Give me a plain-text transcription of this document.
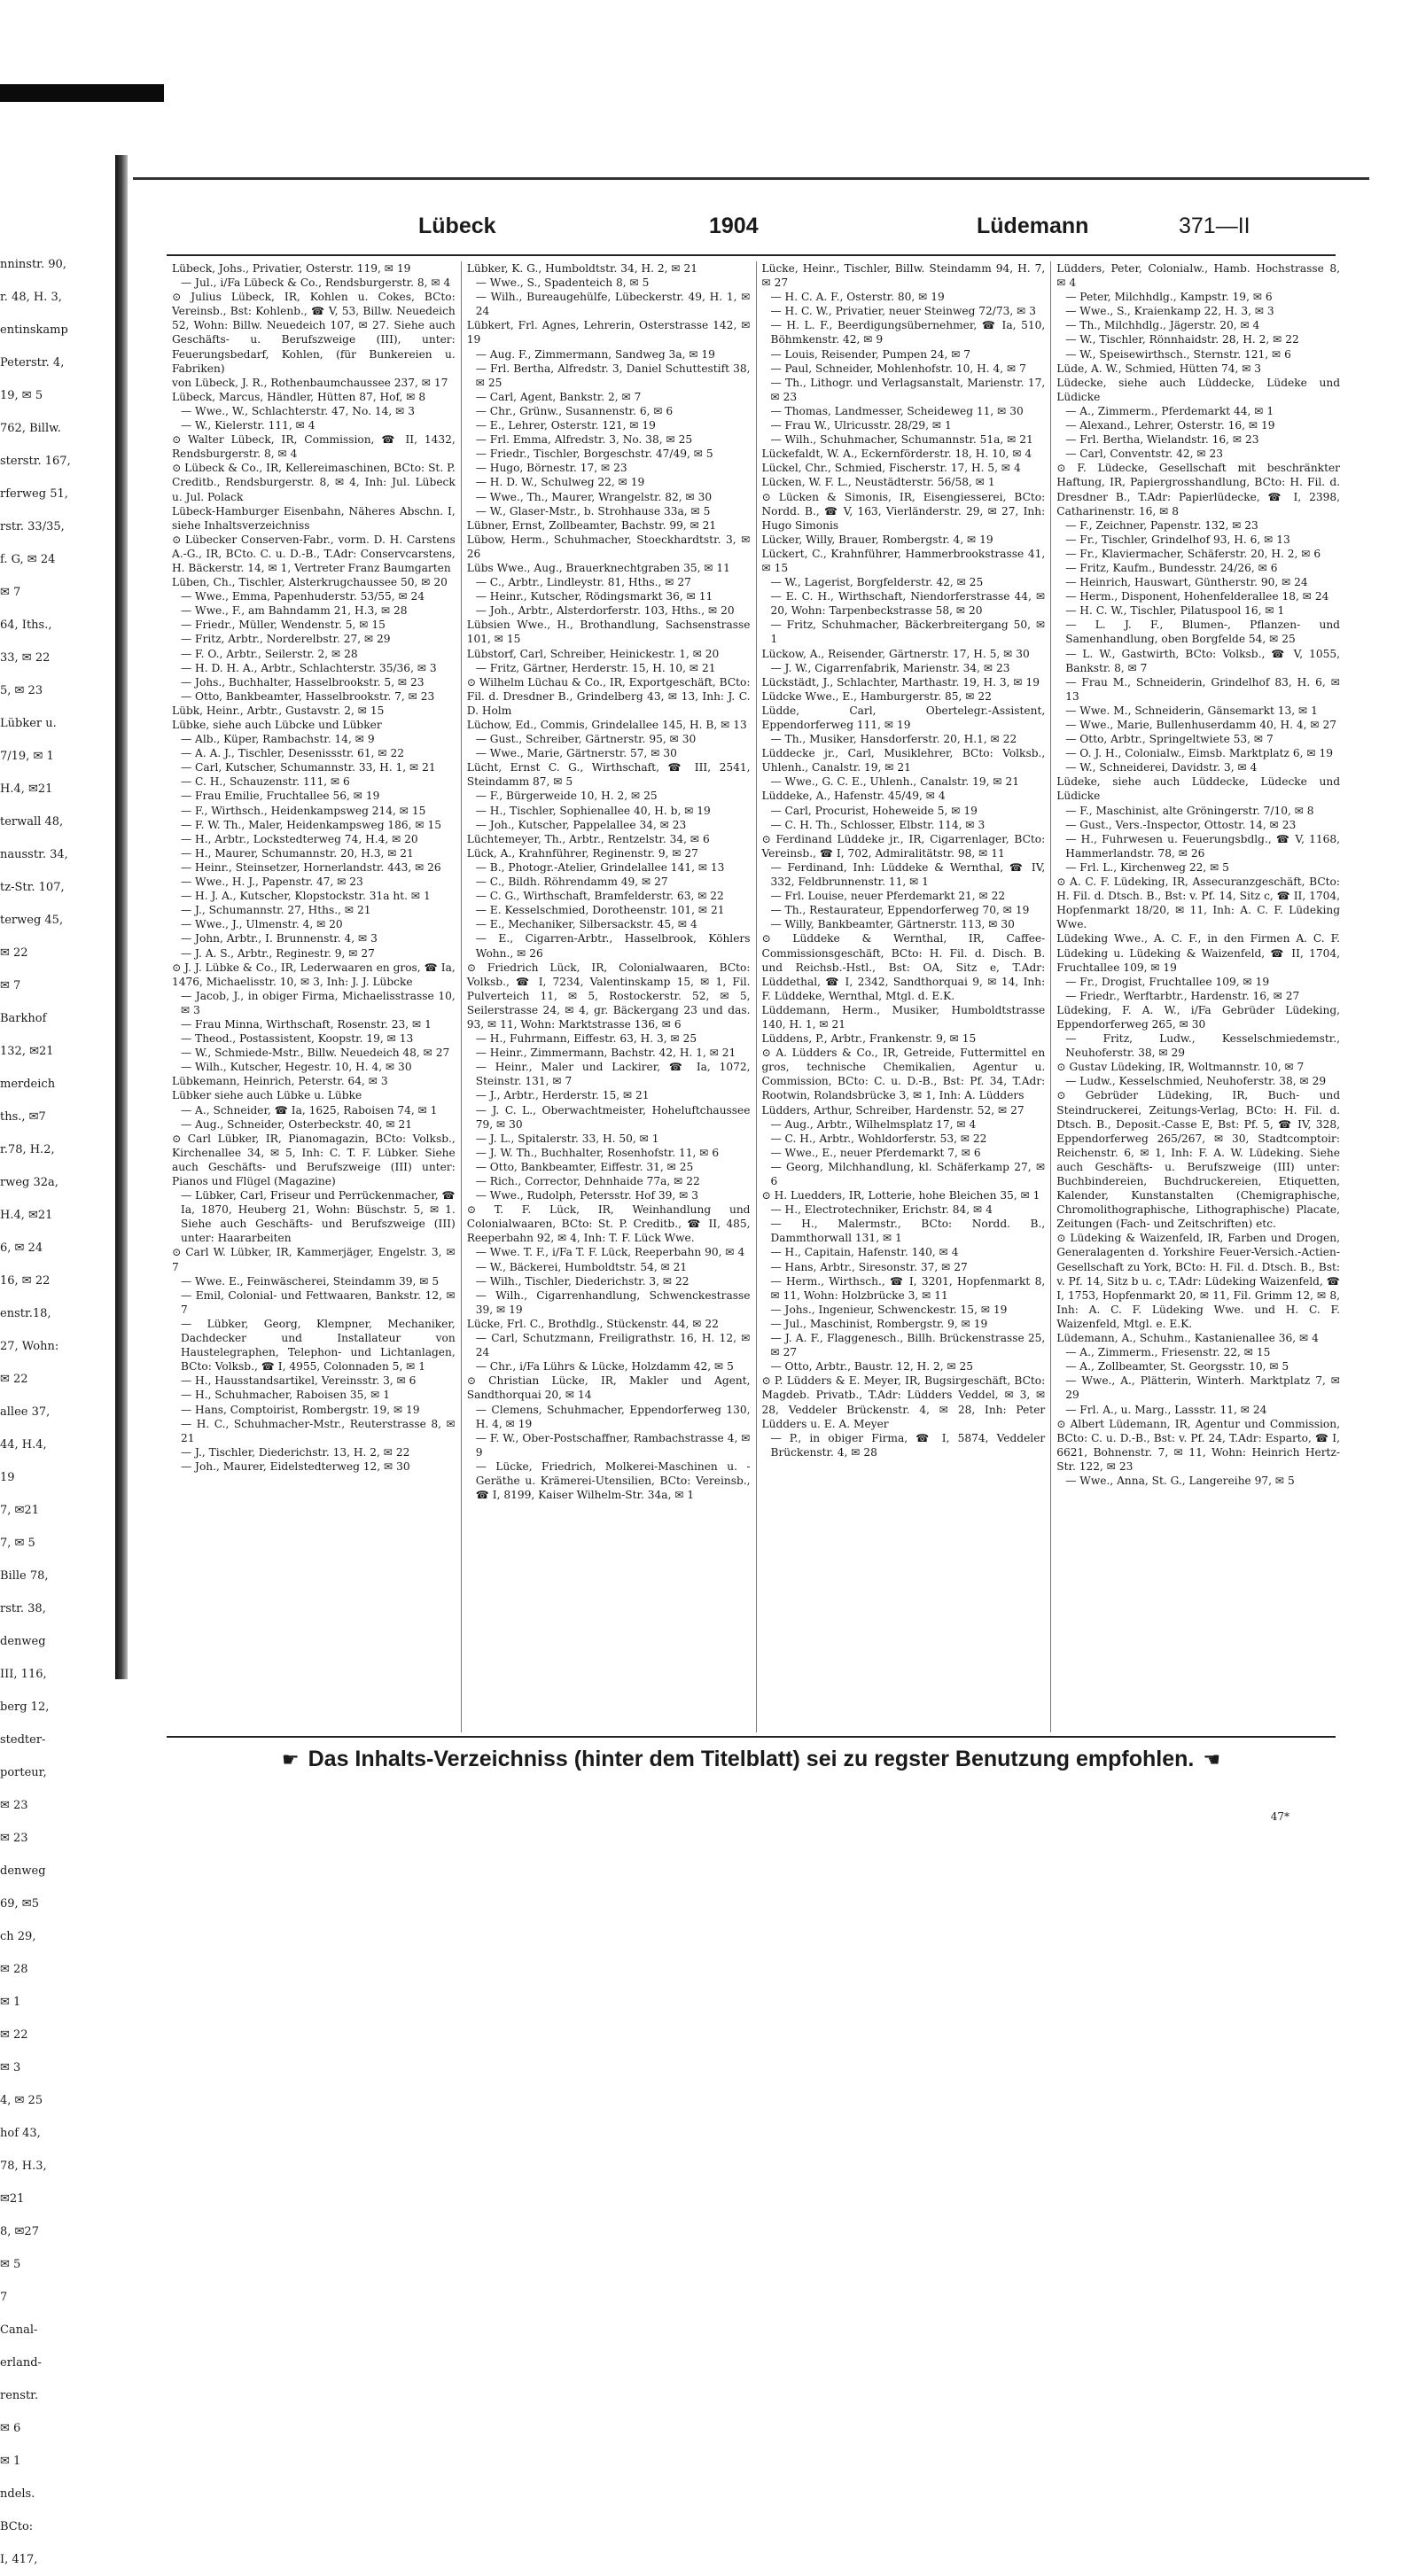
nninstr. 90,
r. 48, H. 3,
entinskamp
Peterstr. 4,
19, ✉ 5
762, Billw.
sterstr. 167,
rferweg 51,
rstr. 33/35,
f. G, ✉ 24
✉ 7
64, Iths.,
33, ✉ 22
5, ✉ 23
Lübker u.
7/19, ✉ 1
H.4, ✉21
terwall 48,
nausstr. 34,
tz-Str. 107,
terweg 45,
✉ 22
✉ 7
Barkhof
132, ✉21
merdeich
ths., ✉7
r.78, H.2,
rweg 32a,
H.4, ✉21
6, ✉ 24
16, ✉ 22
enstr.18,
27, Wohn:
✉ 22
allee 37,
44, H.4,
19
7, ✉21
7, ✉ 5
Bille 78,
rstr. 38,
denweg
III, 116,
berg 12,
stedter-
porteur,
✉ 23
✉ 23
denweg
69, ✉5
ch 29,
✉ 28
✉ 1
✉ 22
✉ 3
4, ✉ 25
hof 43,
78, H.3,
✉21
8, ✉27
✉ 5
7
Canal-
erland-
renstr.
✉ 6
✉ 1
ndels.
BCto:
I, 417,
Lübeck	1904	Lüdemann	371—II

Lübeck, Johs., Privatier, Osterstr. 119, ✉ 19

— Jul., i/Fa Lübeck & Co., Rendsburgerstr. 8, ✉ 4

⊙ Julius Lübeck, IR, Kohlen u. Cokes, BCto: Vereinsb., Bst: Kohlenb., ☎ V, 53, Billw. Neuedeich 52, Wohn: Billw. Neuedeich 107, ✉ 27. Siehe auch Geschäfts- u. Berufszweige (III), unter: Feuerungsbedarf, Kohlen, (für Bunkereien u. Fabriken)

von Lübeck, J. R., Rothenbaumchaussee 237, ✉ 17

Lübeck, Marcus, Händler, Hütten 87, Hof, ✉ 8

— Wwe., W., Schlachterstr. 47, No. 14, ✉ 3

— W., Kielerstr. 111, ✉ 4

⊙ Walter Lübeck, IR, Commission, ☎ II, 1432, Rendsburgerstr. 8, ✉ 4

⊙ Lübeck & Co., IR, Kellereimaschinen, BCto: St. P. Creditb., Rendsburgerstr. 8, ✉ 4, Inh: Jul. Lübeck u. Jul. Polack

Lübeck-Hamburger Eisenbahn, Näheres Abschn. I, siehe Inhaltsverzeichniss

⊙ Lübecker Conserven-Fabr., vorm. D. H. Carstens A.-G., IR, BCto. C. u. D.-B., T.Adr: Conservcarstens, H. Bäckerstr. 14, ✉ 1, Vertreter Franz Baumgarten

Lüben, Ch., Tischler, Alsterkrugchaussee 50, ✉ 20

— Wwe., Emma, Papenhuderstr. 53/55, ✉ 24

— Wwe., F., am Bahndamm 21, H.3, ✉ 28

— Friedr., Müller, Wendenstr. 5, ✉ 15

— Fritz, Arbtr., Norderelbstr. 27, ✉ 29

— F. O., Arbtr., Seilerstr. 2, ✉ 28

— H. D. H. A., Arbtr., Schlachterstr. 35/36, ✉ 3

— Johs., Buchhalter, Hasselbrookstr. 5, ✉ 23

— Otto, Bankbeamter, Hasselbrookstr. 7, ✉ 23

Lübk, Heinr., Arbtr., Gustavstr. 2, ✉ 15

Lübke, siehe auch Lübcke und Lübker

— Alb., Küper, Rambachstr. 14, ✉ 9

— A. A. J., Tischler, Desenissstr. 61, ✉ 22

— Carl, Kutscher, Schumannstr. 33, H. 1, ✉ 21

— C. H., Schauzenstr. 111, ✉ 6

— Frau Emilie, Fruchtallee 56, ✉ 19

— F., Wirthsch., Heidenkampsweg 214, ✉ 15

— F. W. Th., Maler, Heidenkampsweg 186, ✉ 15

— H., Arbtr., Lockstedterweg 74, H.4, ✉ 20

— H., Maurer, Schumannstr. 20, H.3, ✉ 21

— Heinr., Steinsetzer, Hornerlandstr. 443, ✉ 26

— Wwe., H. J., Papenstr. 47, ✉ 23

— H. J. A., Kutscher, Klopstockstr. 31a ht. ✉ 1

— J., Schumannstr. 27, Hths., ✉ 21

— Wwe., J., Ulmenstr. 4, ✉ 20

— John, Arbtr., I. Brunnenstr. 4, ✉ 3

— J. A. S., Arbtr., Reginestr. 9, ✉ 27

⊙ J. J. Lübke & Co., IR, Lederwaaren en gros, ☎ Ia, 1476, Michaelisstr. 10, ✉ 3, Inh: J. J. Lübcke

— Jacob, J., in obiger Firma, Michaelisstrasse 10, ✉ 3

— Frau Minna, Wirthschaft, Rosenstr. 23, ✉ 1

— Theod., Postassistent, Koopstr. 19, ✉ 13

— W., Schmiede-Mstr., Billw. Neuedeich 48, ✉ 27

— Wilh., Kutscher, Hegestr. 10, H. 4, ✉ 30

Lübkemann, Heinrich, Peterstr. 64, ✉ 3

Lübker siehe auch Lübke u. Lübke

— A., Schneider, ☎ Ia, 1625, Raboisen 74, ✉ 1

— Aug., Schneider, Osterbeckstr. 40, ✉ 21

⊙ Carl Lübker, IR, Pianomagazin, BCto: Volksb., Kirchenallee 34, ✉ 5, Inh: C. T. F. Lübker. Siehe auch Geschäfts- und Berufszweige (III) unter: Pianos und Flügel (Magazine)

— Lübker, Carl, Friseur und Perrückenmacher, ☎ Ia, 1870, Heuberg 21, Wohn: Büschstr. 5, ✉ 1. Siehe auch Geschäfts- und Berufszweige (III) unter: Haararbeiten

⊙ Carl W. Lübker, IR, Kammerjäger, Engelstr. 3, ✉ 7

— Wwe. E., Feinwäscherei, Steindamm 39, ✉ 5

— Emil, Colonial- und Fettwaaren, Bankstr. 12, ✉ 7

— Lübker, Georg, Klempner, Mechaniker, Dachdecker und Installateur von Haustelegraphen, Telephon- und Lichtanlagen, BCto: Volksb., ☎ I, 4955, Colonnaden 5, ✉ 1

— H., Hausstandsartikel, Vereinsstr. 3, ✉ 6

— H., Schuhmacher, Raboisen 35, ✉ 1

— Hans, Comptoirist, Rombergstr. 19, ✉ 19

— H. C., Schuhmacher-Mstr., Reuterstrasse 8, ✉ 21

— J., Tischler, Diederichstr. 13, H. 2, ✉ 22

— Joh., Maurer, Eidelstedterweg 12, ✉ 30

Lübker, K. G., Humboldtstr. 34, H. 2, ✉ 21

— Wwe., S., Spadenteich 8, ✉ 5

— Wilh., Bureaugehülfe, Lübeckerstr. 49, H. 1, ✉ 24

Lübkert, Frl. Agnes, Lehrerin, Osterstrasse 142, ✉ 19

— Aug. F., Zimmermann, Sandweg 3a, ✉ 19

— Frl. Bertha, Alfredstr. 3, Daniel Schuttestift 38, ✉ 25

— Carl, Agent, Bankstr. 2, ✉ 7

— Chr., Grünw., Susannenstr. 6, ✉ 6

— E., Lehrer, Osterstr. 121, ✉ 19

— Frl. Emma, Alfredstr. 3, No. 38, ✉ 25

— Friedr., Tischler, Borgeschstr. 47/49, ✉ 5

— Hugo, Börnestr. 17, ✉ 23

— H. D. W., Schulweg 22, ✉ 19

— Wwe., Th., Maurer, Wrangelstr. 82, ✉ 30

— W., Glaser-Mstr., b. Strohhause 33a, ✉ 5

Lübner, Ernst, Zollbeamter, Bachstr. 99, ✉ 21

Lübow, Herm., Schuhmacher, Stoeckhardtstr. 3, ✉ 26

Lübs Wwe., Aug., Brauerknechtgraben 35, ✉ 11

— C., Arbtr., Lindleystr. 81, Hths., ✉ 27

— Heinr., Kutscher, Rödingsmarkt 36, ✉ 11

— Joh., Arbtr., Alsterdorferstr. 103, Hths., ✉ 20

Lübsien Wwe., H., Brothandlung, Sachsenstrasse 101, ✉ 15

Lübstorf, Carl, Schreiber, Heinickestr. 1, ✉ 20

— Fritz, Gärtner, Herderstr. 15, H. 10, ✉ 21

⊙ Wilhelm Lüchau & Co., IR, Exportgeschäft, BCto: Fil. d. Dresdner B., Grindelberg 43, ✉ 13, Inh: J. C. D. Holm

Lüchow, Ed., Commis, Grindelallee 145, H. B, ✉ 13

— Gust., Schreiber, Gärtnerstr. 95, ✉ 30

— Wwe., Marie, Gärtnerstr. 57, ✉ 30

Lücht, Ernst C. G., Wirthschaft, ☎ III, 2541, Steindamm 87, ✉ 5

— F., Bürgerweide 10, H. 2, ✉ 25

— H., Tischler, Sophienallee 40, H. b, ✉ 19

— Joh., Kutscher, Pappelallee 34, ✉ 23

Lüchtemeyer, Th., Arbtr., Rentzelstr. 34, ✉ 6

Lück, A., Krahnführer, Reginenstr. 9, ✉ 27

— B., Photogr.-Atelier, Grindelallee 141, ✉ 13

— C., Bildh. Röhrendamm 49, ✉ 27

— C. G., Wirthschaft, Bramfelderstr. 63, ✉ 22

— E. Kesselschmied, Dorotheenstr. 101, ✉ 21

— E., Mechaniker, Silbersackstr. 45, ✉ 4

— E., Cigarren-Arbtr., Hasselbrook, Köhlers Wohn., ✉ 26

⊙ Friedrich Lück, IR, Colonialwaaren, BCto: Volksb., ☎ I, 7234, Valentinskamp 15, ✉ 1, Fil. Pulverteich 11, ✉ 5, Rostockerstr. 52, ✉ 5, Seilerstrasse 24, ✉ 4, gr. Bäckergang 23 und das. 93, ✉ 11, Wohn: Marktstrasse 136, ✉ 6

— H., Fuhrmann, Eiffestr. 63, H. 3, ✉ 25

— Heinr., Zimmermann, Bachstr. 42, H. 1, ✉ 21

— Heinr., Maler und Lackirer, ☎ Ia, 1072, Steinstr. 131, ✉ 7

— J., Arbtr., Herderstr. 15, ✉ 21

— J. C. L., Oberwachtmeister, Hoheluftchaussee 79, ✉ 30

— J. L., Spitalerstr. 33, H. 50, ✉ 1

— J. W. Th., Buchhalter, Rosenhofstr. 11, ✉ 6

— Otto, Bankbeamter, Eiffestr. 31, ✉ 25

— Rich., Corrector, Dehnhaide 77a, ✉ 22

— Wwe., Rudolph, Petersstr. Hof 39, ✉ 3

⊙ T. F. Lück, IR, Weinhandlung und Colonialwaaren, BCto: St. P. Creditb., ☎ II, 485, Reeperbahn 92, ✉ 4, Inh: T. F. Lück Wwe.

— Wwe. T. F., i/Fa T. F. Lück, Reeperbahn 90, ✉ 4

— W., Bäckerei, Humboldtstr. 54, ✉ 21

— Wilh., Tischler, Diederichstr. 3, ✉ 22

— Wilh., Cigarrenhandlung, Schwenckestrasse 39, ✉ 19

Lücke, Frl. C., Brothdlg., Stückenstr. 44, ✉ 22

— Carl, Schutzmann, Freiligrathstr. 16, H. 12, ✉ 24

— Chr., i/Fa Lührs & Lücke, Holzdamm 42, ✉ 5

⊙ Christian Lücke, IR, Makler und Agent, Sandthorquai 20, ✉ 14

— Clemens, Schuhmacher, Eppendorferweg 130, H. 4, ✉ 19

— F. W., Ober-Postschaffner, Rambachstrasse 4, ✉ 9

— Lücke, Friedrich, Molkerei-Maschinen u. -Geräthe u. Krämerei-Utensilien, BCto: Vereinsb., ☎ I, 8199, Kaiser Wilhelm-Str. 34a, ✉ 1

Lücke, Heinr., Tischler, Billw. Steindamm 94, H. 7, ✉ 27

— H. C. A. F., Osterstr. 80, ✉ 19

— H. C. W., Privatier, neuer Steinweg 72/73, ✉ 3

— H. L. F., Beerdigungsübernehmer, ☎ Ia, 510, Böhmkenstr. 42, ✉ 9

— Louis, Reisender, Pumpen 24, ✉ 7

— Paul, Schneider, Mohlenhofstr. 10, H. 4, ✉ 7

— Th., Lithogr. und Verlagsanstalt, Marienstr. 17, ✉ 23

— Thomas, Landmesser, Scheideweg 11, ✉ 30

— Frau W., Ulricusstr. 28/29, ✉ 1

— Wilh., Schuhmacher, Schumannstr. 51a, ✉ 21

Lückefaldt, W. A., Eckernförderstr. 18, H. 10, ✉ 4

Lückel, Chr., Schmied, Fischerstr. 17, H. 5, ✉ 4

Lücken, W. F. L., Neustädterstr. 56/58, ✉ 1

⊙ Lücken & Simonis, IR, Eisengiesserei, BCto: Nordd. B., ☎ V, 163, Vierländerstr. 29, ✉ 27, Inh: Hugo Simonis

Lücker, Willy, Brauer, Rombergstr. 4, ✉ 19

Lückert, C., Krahnführer, Hammerbrookstrasse 41, ✉ 15

— W., Lagerist, Borgfelderstr. 42, ✉ 25

— E. C. H., Wirthschaft, Niendorferstrasse 44, ✉ 20, Wohn: Tarpenbeckstrasse 58, ✉ 20

— Fritz, Schuhmacher, Bäckerbreitergang 50, ✉ 1

Lückow, A., Reisender, Gärtnerstr. 17, H. 5, ✉ 30

— J. W., Cigarrenfabrik, Marienstr. 34, ✉ 23

Lückstädt, J., Schlachter, Marthastr. 19, H. 3, ✉ 19

Lüdcke Wwe., E., Hamburgerstr. 85, ✉ 22

Lüdde, Carl, Obertelegr.-Assistent, Eppendorferweg 111, ✉ 19

— Th., Musiker, Hansdorferstr. 20, H.1, ✉ 22

Lüddecke jr., Carl, Musiklehrer, BCto: Volksb., Uhlenh., Canalstr. 19, ✉ 21

— Wwe., G. C. E., Uhlenh., Canalstr. 19, ✉ 21

Lüddeke, A., Hafenstr. 45/49, ✉ 4

— Carl, Procurist, Hoheweide 5, ✉ 19

— C. H. Th., Schlosser, Elbstr. 114, ✉ 3

⊙ Ferdinand Lüddeke jr., IR, Cigarrenlager, BCto: Vereinsb., ☎ I, 702, Admiralitätstr. 98, ✉ 11

— Ferdinand, Inh: Lüddeke & Wernthal, ☎ IV, 332, Feldbrunnenstr. 11, ✉ 1

— Frl. Louise, neuer Pferdemarkt 21, ✉ 22

— Th., Restaurateur, Eppendorferweg 70, ✉ 19

— Willy, Bankbeamter, Gärtnerstr. 113, ✉ 30

⊙ Lüddeke & Wernthal, IR, Caffee-Commissionsgeschäft, BCto: H. Fil. d. Disch. B. und Reichsb.-Hstl., Bst: OA, Sitz e, T.Adr: Lüddethal, ☎ I, 2342, Sandthorquai 9, ✉ 14, Inh: F. Lüddeke, Wernthal, Mtgl. d. E.K.

Lüddemann, Herm., Musiker, Humboldtstrasse 140, H. 1, ✉ 21

Lüddens, P., Arbtr., Frankenstr. 9, ✉ 15

⊙ A. Lüdders & Co., IR, Getreide, Futtermittel en gros, technische Chemikalien, Agentur u. Commission, BCto: C. u. D.-B., Bst: Pf. 34, T.Adr: Rootwin, Rolandsbrücke 3, ✉ 1, Inh: A. Lüdders

Lüdders, Arthur, Schreiber, Hardenstr. 52, ✉ 27

— Aug., Arbtr., Wilhelmsplatz 17, ✉ 4

— C. H., Arbtr., Wohldorferstr. 53, ✉ 22

— Wwe., E., neuer Pferdemarkt 7, ✉ 6

— Georg, Milchhandlung, kl. Schäferkamp 27, ✉ 6

⊙ H. Luedders, IR, Lotterie, hohe Bleichen 35, ✉ 1

— H., Electrotechniker, Erichstr. 84, ✉ 4

— H., Malermstr., BCto: Nordd. B., Dammthorwall 131, ✉ 1

— H., Capitain, Hafenstr. 140, ✉ 4

— Hans, Arbtr., Siresonstr. 37, ✉ 27

— Herm., Wirthsch., ☎ I, 3201, Hopfenmarkt 8, ✉ 11, Wohn: Holzbrücke 3, ✉ 11

— Johs., Ingenieur, Schwenckestr. 15, ✉ 19

— Jul., Maschinist, Rombergstr. 9, ✉ 19

— J. A. F., Flaggenesch., Billh. Brückenstrasse 25, ✉ 27

— Otto, Arbtr., Baustr. 12, H. 2, ✉ 25

⊙ P. Lüdders & E. Meyer, IR, Bugsirgeschäft, BCto: Magdeb. Privatb., T.Adr: Lüdders Veddel, ✉ 3, ✉ 28, Veddeler Brückenstr. 4, ✉ 28, Inh: Peter Lüdders u. E. A. Meyer

— P., in obiger Firma, ☎ I, 5874, Veddeler Brückenstr. 4, ✉ 28

Lüdders, Peter, Colonialw., Hamb. Hochstrasse 8, ✉ 4

— Peter, Milchhdlg., Kampstr. 19, ✉ 6

— Wwe., S., Kraienkamp 22, H. 3, ✉ 3

— Th., Milchhdlg., Jägerstr. 20, ✉ 4

— W., Tischler, Rönnhaidstr. 28, H. 2, ✉ 22

— W., Speisewirthsch., Sternstr. 121, ✉ 6

Lüde, A. W., Schmied, Hütten 74, ✉ 3

Lüdecke, siehe auch Lüddecke, Lüdeke und Lüdicke

— A., Zimmerm., Pferdemarkt 44, ✉ 1

— Alexand., Lehrer, Osterstr. 16, ✉ 19

— Frl. Bertha, Wielandstr. 16, ✉ 23

— Carl, Conventstr. 42, ✉ 23

⊙ F. Lüdecke, Gesellschaft mit beschränkter Haftung, IR, Papiergrosshandlung, BCto: H. Fil. d. Dresdner B., T.Adr: Papierlüdecke, ☎ I, 2398, Catharinenstr. 16, ✉ 8

— F., Zeichner, Papenstr. 132, ✉ 23

— Fr., Tischler, Grindelhof 93, H. 6, ✉ 13

— Fr., Klaviermacher, Schäferstr. 20, H. 2, ✉ 6

— Fritz, Kaufm., Bundesstr. 24/26, ✉ 6

— Heinrich, Hauswart, Güntherstr. 90, ✉ 24

— Herm., Disponent, Hohenfelderallee 18, ✉ 24

— H. C. W., Tischler, Pilatuspool 16, ✉ 1

— L. J. F., Blumen-, Pflanzen- und Samenhandlung, oben Borgfelde 54, ✉ 25

— L. W., Gastwirth, BCto: Volksb., ☎ V, 1055, Bankstr. 8, ✉ 7

— Frau M., Schneiderin, Grindelhof 83, H. 6, ✉ 13

— Wwe. M., Schneiderin, Gänsemarkt 13, ✉ 1

— Wwe., Marie, Bullenhuserdamm 40, H. 4, ✉ 27

— Otto, Arbtr., Springeltwiete 53, ✉ 7

— O. J. H., Colonialw., Eimsb. Marktplatz 6, ✉ 19

— W., Schneiderei, Davidstr. 3, ✉ 4

Lüdeke, siehe auch Lüddecke, Lüdecke und Lüdicke

— F., Maschinist, alte Gröningerstr. 7/10, ✉ 8

— Gust., Vers.-Inspector, Ottostr. 14, ✉ 23

— H., Fuhrwesen u. Feuerungsbdlg., ☎ V, 1168, Hammerlandstr. 78, ✉ 26

— Frl. L., Kirchenweg 22, ✉ 5

⊙ A. C. F. Lüdeking, IR, Assecuranzgeschäft, BCto: H. Fil. d. Dtsch. B., Bst: v. Pf. 14, Sitz c, ☎ II, 1704, Hopfenmarkt 18/20, ✉ 11, Inh: A. C. F. Lüdeking Wwe.

Lüdeking Wwe., A. C. F., in den Firmen A. C. F. Lüdeking u. Lüdeking & Waizenfeld, ☎ II, 1704, Fruchtallee 109, ✉ 19

— Fr., Drogist, Fruchtallee 109, ✉ 19

— Friedr., Werftarbtr., Hardenstr. 16, ✉ 27

Lüdeking, F. A. W., i/Fa Gebrüder Lüdeking, Eppendorferweg 265, ✉ 30

— Fritz, Ludw., Kesselschmiedemstr., Neuhoferstr. 38, ✉ 29

⊙ Gustav Lüdeking, IR, Woltmannstr. 10, ✉ 7

— Ludw., Kesselschmied, Neuhoferstr. 38, ✉ 29

⊙ Gebrüder Lüdeking, IR, Buch- und Steindruckerei, Zeitungs-Verlag, BCto: H. Fil. d. Dtsch. B., Deposit.-Casse E, Bst: Pf. 5, ☎ IV, 328, Eppendorferweg 265/267, ✉ 30, Stadtcomptoir: Reichenstr. 6, ✉ 1, Inh: F. A. W. Lüdeking. Siehe auch Geschäfts- u. Berufszweige (III) unter: Buchbindereien, Buchdruckereien, Etiquetten, Kalender, Kunstanstalten (Chemigraphische, Chromolithographische, Lithographische) Placate, Zeitungen (Fach- und Zeitschriften) etc.

⊙ Lüdeking & Waizenfeld, IR, Farben und Drogen, Generalagenten d. Yorkshire Feuer-Versich.-Actien-Gesellschaft zu York, BCto: H. Fil. d. Dtsch. B., Bst: v. Pf. 14, Sitz b u. c, T.Adr: Lüdeking Waizenfeld, ☎ I, 1753, Hopfenmarkt 20, ✉ 11, Fil. Grimm 12, ✉ 8, Inh: A. C. F. Lüdeking Wwe. und H. C. F. Waizenfeld, Mtgl. e. E.K.

Lüdemann, A., Schuhm., Kastanienallee 36, ✉ 4

— A., Zimmerm., Friesenstr. 22, ✉ 15

— A., Zollbeamter, St. Georgsstr. 10, ✉ 5

— Wwe., A., Plätterin, Winterh. Marktplatz 7, ✉ 29

— Frl. A., u. Marg., Lassstr. 11, ✉ 24

⊙ Albert Lüdemann, IR, Agentur und Commission, BCto: C. u. D.-B., Bst: v. Pf. 24, T.Adr: Esparto, ☎ I, 6621, Bohnenstr. 7, ✉ 11, Wohn: Heinrich Hertz-Str. 122, ✉ 23

— Wwe., Anna, St. G., Langereihe 97, ✉ 5

☛ Das Inhalts-Verzeichniss (hinter dem Titelblatt) sei zu regster Benutzung empfohlen. ☚
47*
